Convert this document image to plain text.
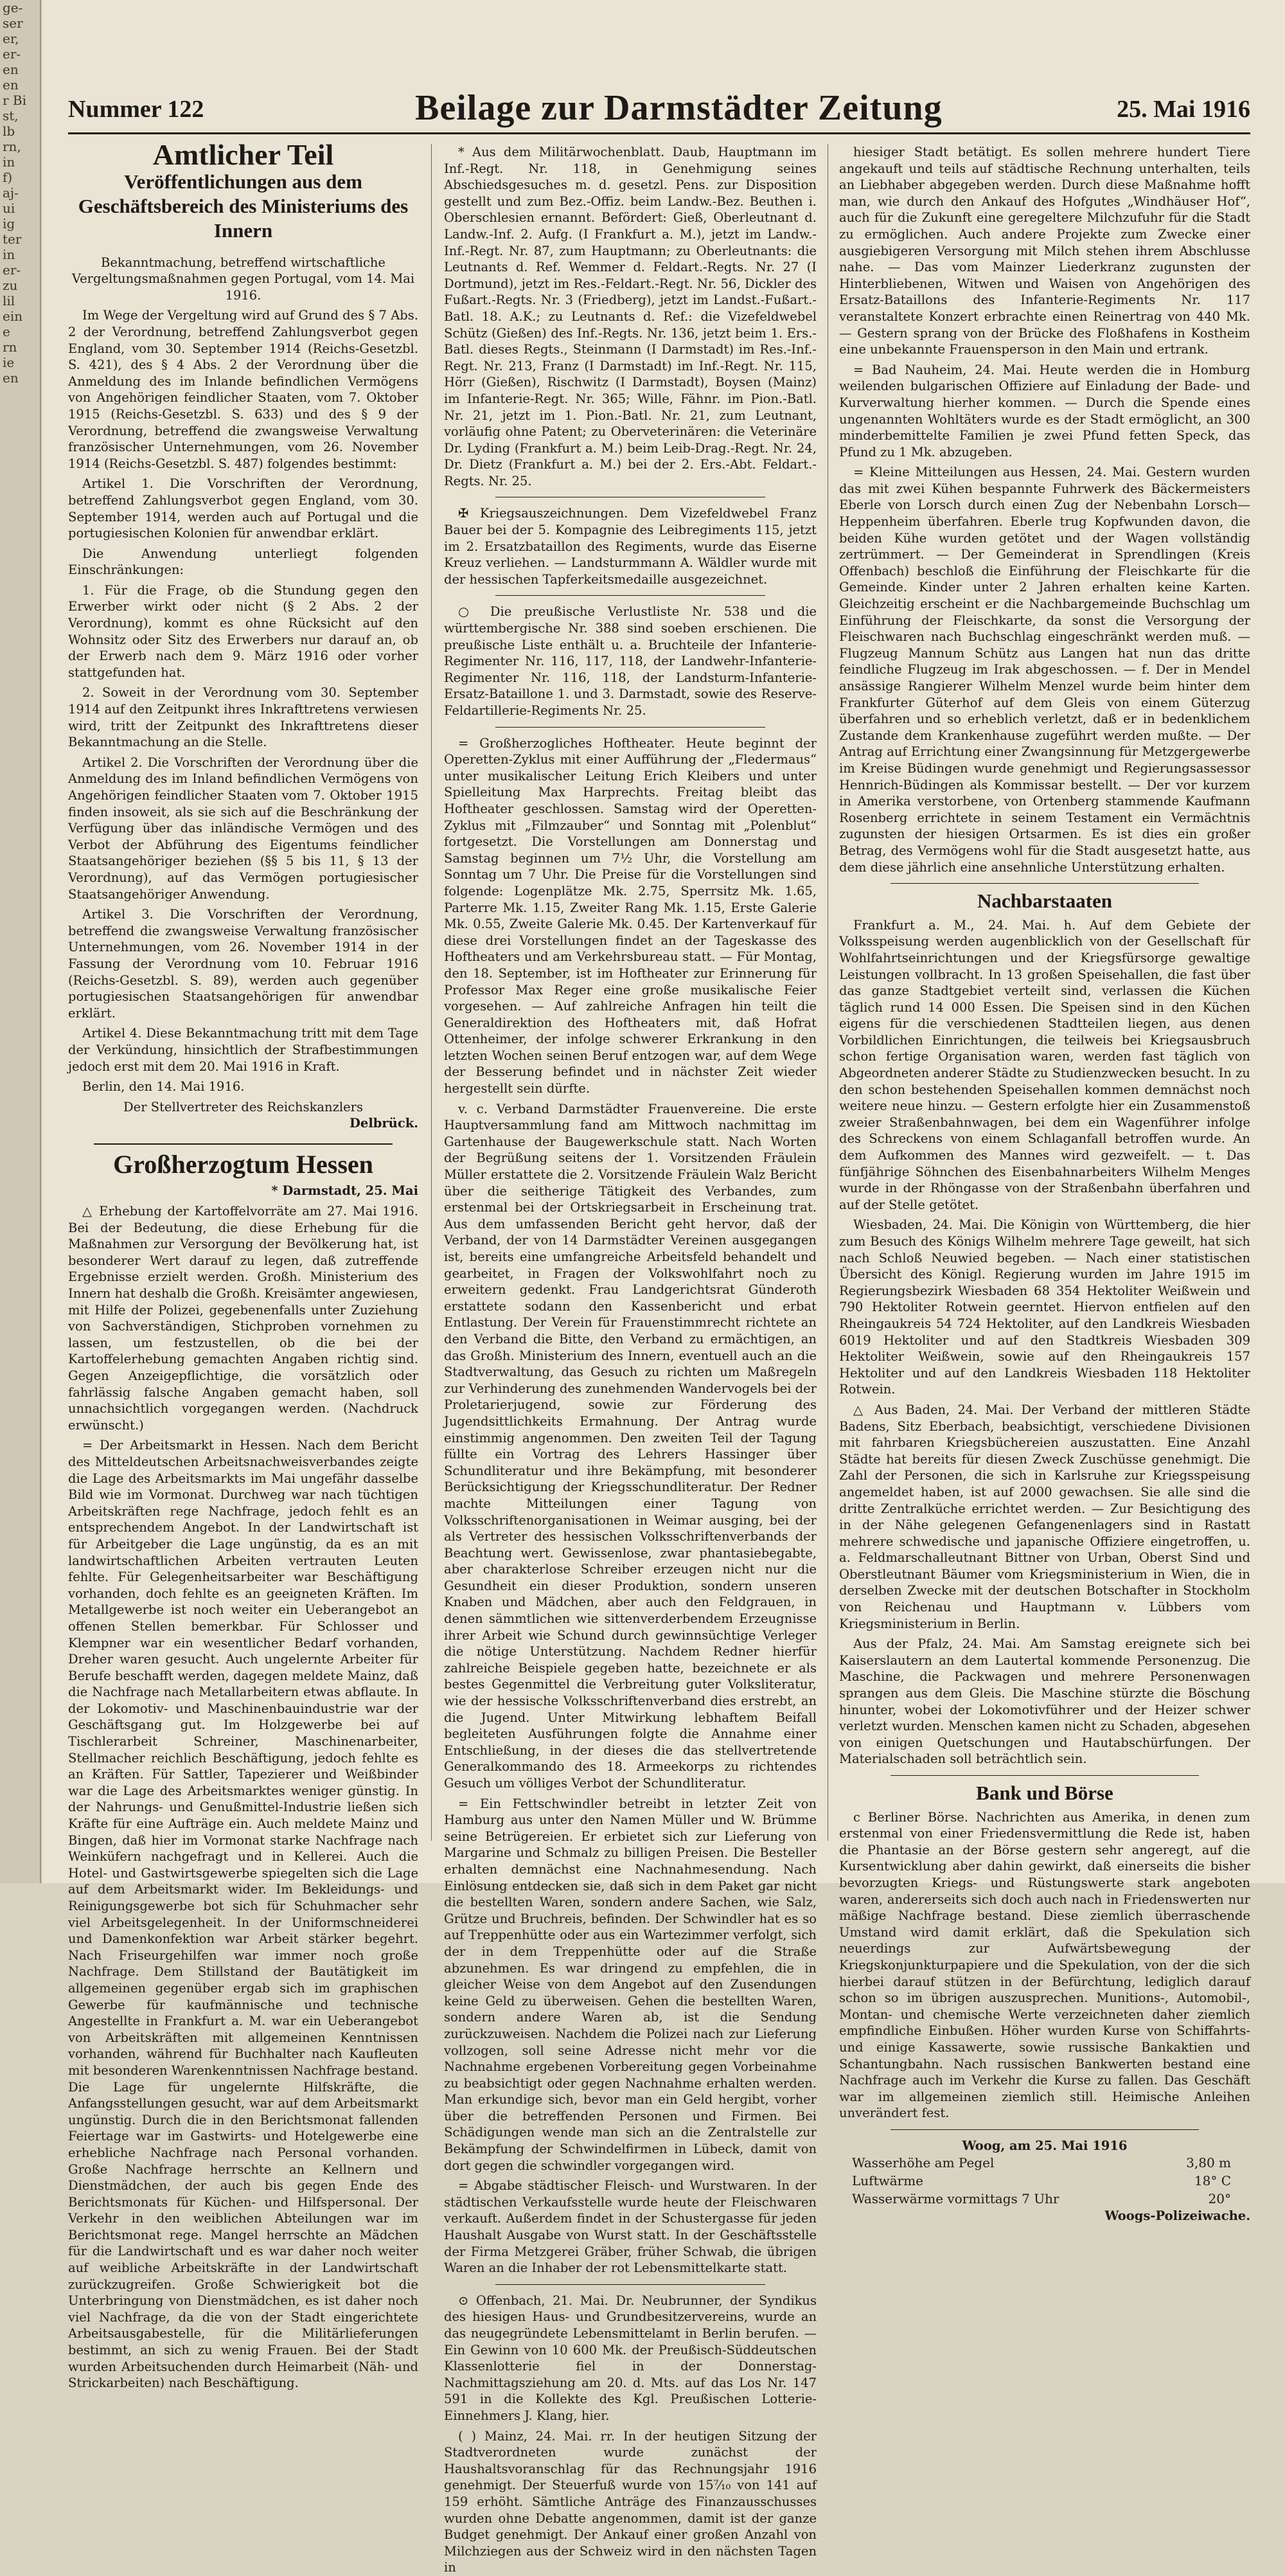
ge-
ser
er,
er-
en
en
r Bi
st,
lb
rn,
in
f)
aj-
ui
ig
ter
in
er-
zu
lil
ein
e
rn
ie
en
Nummer 122	Beilage zur Darmstädter Zeitung	25. Mai 1916
Amtlicher Teil
Veröffentlichungen aus dem Geschäftsbereich des Ministeriums des Innern

Bekanntmachung, betreffend wirtschaftliche Vergeltungsmaßnahmen gegen Portugal, vom 14. Mai 1916.

Im Wege der Vergeltung wird auf Grund des § 7 Abs. 2 der Verordnung, betreffend Zahlungsverbot gegen England, vom 30. September 1914 (Reichs-Gesetzbl. S. 421), des § 4 Abs. 2 der Verordnung über die Anmeldung des im Inlande befindlichen Vermögens von Angehörigen feindlicher Staaten, vom 7. Oktober 1915 (Reichs-Gesetzbl. S. 633) und des § 9 der Verordnung, betreffend die zwangsweise Verwaltung französischer Unternehmungen, vom 26. November 1914 (Reichs-Gesetzbl. S. 487) folgendes bestimmt:

Artikel 1. Die Vorschriften der Verordnung, betreffend Zahlungsverbot gegen England, vom 30. September 1914, werden auch auf Portugal und die portugiesischen Kolonien für anwendbar erklärt.

Die Anwendung unterliegt folgenden Einschränkungen:

1. Für die Frage, ob die Stundung gegen den Erwerber wirkt oder nicht (§ 2 Abs. 2 der Verordnung), kommt es ohne Rücksicht auf den Wohnsitz oder Sitz des Erwerbers nur darauf an, ob der Erwerb nach dem 9. März 1916 oder vorher stattgefunden hat.

2. Soweit in der Verordnung vom 30. September 1914 auf den Zeitpunkt ihres Inkrafttretens verwiesen wird, tritt der Zeitpunkt des Inkrafttretens dieser Bekanntmachung an die Stelle.

Artikel 2. Die Vorschriften der Verordnung über die Anmeldung des im Inland befindlichen Vermögens von Angehörigen feindlicher Staaten vom 7. Oktober 1915 finden insoweit, als sie sich auf die Beschränkung der Verfügung über das inländische Vermögen und des Verbot der Abführung des Eigentums feindlicher Staatsangehöriger beziehen (§§ 5 bis 11, § 13 der Verordnung), auf das Vermögen portugiesischer Staatsangehöriger Anwendung.

Artikel 3. Die Vorschriften der Verordnung, betreffend die zwangsweise Verwaltung französischer Unternehmungen, vom 26. November 1914 in der Fassung der Verordnung vom 10. Februar 1916 (Reichs-Gesetzbl. S. 89), werden auch gegenüber portugiesischen Staatsangehörigen für anwendbar erklärt.

Artikel 4. Diese Bekanntmachung tritt mit dem Tage der Verkündung, hinsichtlich der Strafbestimmungen jedoch erst mit dem 20. Mai 1916 in Kraft.

Berlin, den 14. Mai 1916.

Der Stellvertreter des Reichskanzlers
Delbrück.
Großherzogtum Hessen
* Darmstadt, 25. Mai

△ Erhebung der Kartoffelvorräte am 27. Mai 1916. Bei der Bedeutung, die diese Erhebung für die Maßnahmen zur Versorgung der Bevölkerung hat, ist besonderer Wert darauf zu legen, daß zutreffende Ergebnisse erzielt werden. Großh. Ministerium des Innern hat deshalb die Großh. Kreisämter angewiesen, mit Hilfe der Polizei, gegebenenfalls unter Zuziehung von Sachverständigen, Stichproben vornehmen zu lassen, um festzustellen, ob die bei der Kartoffelerhebung gemachten Angaben richtig sind. Gegen Anzeigepflichtige, die vorsätzlich oder fahrlässig falsche Angaben gemacht haben, soll unnachsichtlich vorgegangen werden. (Nachdruck erwünscht.)

= Der Arbeitsmarkt in Hessen. Nach dem Bericht des Mitteldeutschen Arbeitsnachweisverbandes zeigte die Lage des Arbeitsmarkts im Mai ungefähr dasselbe Bild wie im Vormonat. Durchweg war nach tüchtigen Arbeitskräften rege Nachfrage, jedoch fehlt es an entsprechendem Angebot. In der Landwirtschaft ist für Arbeitgeber die Lage ungünstig, da es an mit landwirtschaftlichen Arbeiten vertrauten Leuten fehlte. Für Gelegenheitsarbeiter war Beschäftigung vorhanden, doch fehlte es an geeigneten Kräften. Im Metallgewerbe ist noch weiter ein Ueberangebot an offenen Stellen bemerkbar. Für Schlosser und Klempner war ein wesentlicher Bedarf vorhanden, Dreher waren gesucht. Auch ungelernte Arbeiter für Berufe beschafft werden, dagegen meldete Mainz, daß die Nachfrage nach Metallarbeitern etwas abflaute. In der Lokomotiv- und Maschinenbauindustrie war der Geschäftsgang gut. Im Holzgewerbe bei auf Tischlerarbeit Schreiner, Maschinenarbeiter, Stellmacher reichlich Beschäftigung, jedoch fehlte es an Kräften. Für Sattler, Tapezierer und Weißbinder war die Lage des Arbeitsmarktes weniger günstig. In der Nahrungs- und Genußmittel-Industrie ließen sich Kräfte für eine Aufträge ein. Auch meldete Mainz und Bingen, daß hier im Vormonat starke Nachfrage nach Weinküfern nachgefragt und in Kellerei. Auch die Hotel- und Gastwirtsgewerbe spiegelten sich die Lage auf dem Arbeitsmarkt wider. Im Bekleidungs- und Reinigungsgewerbe bot sich für Schuhmacher sehr viel Arbeitsgelegenheit. In der Uniformschneiderei und Damenkonfektion war Arbeit stärker begehrt. Nach Friseurgehilfen war immer noch große Nachfrage. Dem Stillstand der Bautätigkeit im allgemeinen gegenüber ergab sich im graphischen Gewerbe für kaufmännische und technische Angestellte in Frankfurt a. M. war ein Ueberangebot von Arbeitskräften mit allgemeinen Kenntnissen vorhanden, während für Buchhalter nach Kaufleuten mit besonderen Warenkenntnissen Nachfrage bestand. Die Lage für ungelernte Hilfskräfte, die Anfangsstellungen gesucht, war auf dem Arbeitsmarkt ungünstig. Durch die in den Berichtsmonat fallenden Feiertage war im Gastwirts- und Hotelgewerbe eine erhebliche Nachfrage nach Personal vorhanden. Große Nachfrage herrschte an Kellnern und Dienstmädchen, der auch bis gegen Ende des Berichtsmonats für Küchen- und Hilfspersonal. Der Verkehr in den weiblichen Abteilungen war im Berichtsmonat rege. Mangel herrschte an Mädchen für die Landwirtschaft und es war daher noch weiter auf weibliche Arbeitskräfte in der Landwirtschaft zurückzugreifen. Große Schwierigkeit bot die Unterbringung von Dienstmädchen, es ist daher noch viel Nachfrage, da die von der Stadt eingerichtete Arbeitsausgabestelle, für die Militärlieferungen bestimmt, an sich zu wenig Frauen. Bei der Stadt wurden Arbeitsuchenden durch Heimarbeit (Näh- und Strickarbeiten) nach Beschäftigung.

* Aus dem Militärwochenblatt. Daub, Hauptmann im Inf.-Regt. Nr. 118, in Genehmigung seines Abschiedsgesuches m. d. gesetzl. Pens. zur Disposition gestellt und zum Bez.-Offiz. beim Landw.-Bez. Beuthen i. Oberschlesien ernannt. Befördert: Gieß, Oberleutnant d. Landw.-Inf. 2. Aufg. (I Frankfurt a. M.), jetzt im Landw.-Inf.-Regt. Nr. 87, zum Hauptmann; zu Oberleutnants: die Leutnants d. Ref. Wemmer d. Feldart.-Regts. Nr. 27 (I Dortmund), jetzt im Res.-Feldart.-Regt. Nr. 56, Dickler des Fußart.-Regts. Nr. 3 (Friedberg), jetzt im Landst.-Fußart.-Batl. 18. A.K.; zu Leutnants d. Ref.: die Vizefeldwebel Schütz (Gießen) des Inf.-Regts. Nr. 136, jetzt beim 1. Ers.-Batl. dieses Regts., Steinmann (I Darmstadt) im Res.-Inf.-Regt. Nr. 213, Franz (I Darmstadt) im Inf.-Regt. Nr. 115, Hörr (Gießen), Rischwitz (I Darmstadt), Boysen (Mainz) im Infanterie-Regt. Nr. 365; Wille, Fähnr. im Pion.-Batl. Nr. 21, jetzt im 1. Pion.-Batl. Nr. 21, zum Leutnant, vorläufig ohne Patent; zu Oberveterinären: die Veterinäre Dr. Lyding (Frankfurt a. M.) beim Leib-Drag.-Regt. Nr. 24, Dr. Dietz (Frankfurt a. M.) bei der 2. Ers.-Abt. Feldart.-Regts. Nr. 25.

✠ Kriegsauszeichnungen. Dem Vizefeldwebel Franz Bauer bei der 5. Kompagnie des Leibregiments 115, jetzt im 2. Ersatzbataillon des Regiments, wurde das Eiserne Kreuz verliehen. — Landsturmmann A. Wäldler wurde mit der hessischen Tapferkeitsmedaille ausgezeichnet.

○ Die preußische Verlustliste Nr. 538 und die württembergische Nr. 388 sind soeben erschienen. Die preußische Liste enthält u. a. Bruchteile der Infanterie-Regimenter Nr. 116, 117, 118, der Landwehr-Infanterie-Regimenter Nr. 116, 118, der Landsturm-Infanterie-Ersatz-Bataillone 1. und 3. Darmstadt, sowie des Reserve-Feldartillerie-Regiments Nr. 25.

= Großherzogliches Hoftheater. Heute beginnt der Operetten-Zyklus mit einer Aufführung der „Fledermaus“ unter musikalischer Leitung Erich Kleibers und unter Spielleitung Max Harprechts. Freitag bleibt das Hoftheater geschlossen. Samstag wird der Operetten-Zyklus mit „Filmzauber“ und Sonntag mit „Polenblut“ fortgesetzt. Die Vorstellungen am Donnerstag und Samstag beginnen um 7½ Uhr, die Vorstellung am Sonntag um 7 Uhr. Die Preise für die Vorstellungen sind folgende: Logenplätze Mk. 2.75, Sperrsitz Mk. 1.65, Parterre Mk. 1.15, Zweiter Rang Mk. 1.15, Erste Galerie Mk. 0.55, Zweite Galerie Mk. 0.45. Der Kartenverkauf für diese drei Vorstellungen findet an der Tageskasse des Hoftheaters und am Verkehrsbureau statt. — Für Montag, den 18. September, ist im Hoftheater zur Erinnerung für Professor Max Reger eine große musikalische Feier vorgesehen. — Auf zahlreiche Anfragen hin teilt die Generaldirektion des Hoftheaters mit, daß Hofrat Ottenheimer, der infolge schwerer Erkrankung in den letzten Wochen seinen Beruf entzogen war, auf dem Wege der Besserung befindet und in nächster Zeit wieder hergestellt sein dürfte.

v. c. Verband Darmstädter Frauenvereine. Die erste Hauptversammlung fand am Mittwoch nachmittag im Gartenhause der Baugewerkschule statt. Nach Worten der Begrüßung seitens der 1. Vorsitzenden Fräulein Müller erstattete die 2. Vorsitzende Fräulein Walz Bericht über die seitherige Tätigkeit des Verbandes, zum erstenmal bei der Ortskriegsarbeit in Erscheinung trat. Aus dem umfassenden Bericht geht hervor, daß der Verband, der von 14 Darmstädter Vereinen ausgegangen ist, bereits eine umfangreiche Arbeitsfeld behandelt und gearbeitet, in Fragen der Volkswohlfahrt noch zu erweitern gedenkt. Frau Landgerichtsrat Günderoth erstattete sodann den Kassenbericht und erbat Entlastung. Der Verein für Frauenstimmrecht richtete an den Verband die Bitte, den Verband zu ermächtigen, an das Großh. Ministerium des Innern, eventuell auch an die Stadtverwaltung, das Gesuch zu richten um Maßregeln zur Verhinderung des zunehmenden Wandervogels bei der Proletarierjugend, sowie zur Förderung des Jugendsittlichkeits Ermahnung. Der Antrag wurde einstimmig angenommen. Den zweiten Teil der Tagung füllte ein Vortrag des Lehrers Hassinger über Schundliteratur und ihre Bekämpfung, mit besonderer Berücksichtigung der Kriegsschundliteratur. Der Redner machte Mitteilungen einer Tagung von Volksschriftenorganisationen in Weimar ausging, bei der als Vertreter des hessischen Volksschriftenverbands der Beachtung wert. Gewissenlose, zwar phantasiebegabte, aber charakterlose Schreiber erzeugen nicht nur die Gesundheit ein dieser Produktion, sondern unseren Knaben und Mädchen, aber auch den Feldgrauen, in denen sämmtlichen wie sittenverderbendem Erzeugnisse ihrer Arbeit wie Schund durch gewinnsüchtige Verleger die nötige Unterstützung. Nachdem Redner hierfür zahlreiche Beispiele gegeben hatte, bezeichnete er als bestes Gegenmittel die Verbreitung guter Volksliteratur, wie der hessische Volksschriftenverband dies erstrebt, an die Jugend. Unter Mitwirkung lebhaftem Beifall begleiteten Ausführungen folgte die Annahme einer Entschließung, in der dieses die das stellvertretende Generalkommando des 18. Armeekorps zu richtendes Gesuch um völliges Verbot der Schundliteratur.

= Ein Fettschwindler betreibt in letzter Zeit von Hamburg aus unter den Namen Müller und W. Brümme seine Betrügereien. Er erbietet sich zur Lieferung von Margarine und Schmalz zu billigen Preisen. Die Besteller erhalten demnächst eine Nachnahmesendung. Nach Einlösung entdecken sie, daß sich in dem Paket gar nicht die bestellten Waren, sondern andere Sachen, wie Salz, Grütze und Bruchreis, befinden. Der Schwindler hat es so auf Treppenhütte oder aus ein Wartezimmer verfolgt, sich der in dem Treppenhütte oder auf die Straße abzunehmen. Es war dringend zu empfehlen, die in gleicher Weise von dem Angebot auf den Zusendungen keine Geld zu überweisen. Gehen die bestellten Waren, sondern andere Waren ab, ist die Sendung zurückzuweisen. Nachdem die Polizei nach zur Lieferung vollzogen, soll seine Adresse nicht mehr vor die Nachnahme ergebenen Vorbereitung gegen Vorbeinahme zu beabsichtigt oder gegen Nachnahme erhalten werden. Man erkundige sich, bevor man ein Geld hergibt, vorher über die betreffenden Personen und Firmen. Bei Schädigungen wende man sich an die Zentralstelle zur Bekämpfung der Schwindelfirmen in Lübeck, damit von dort gegen die schwindler vorgegangen wird.

= Abgabe städtischer Fleisch- und Wurstwaren. In der städtischen Verkaufsstelle wurde heute der Fleischwaren verkauft. Außerdem findet in der Schustergasse für jeden Haushalt Ausgabe von Wurst statt. In der Geschäftsstelle der Firma Metzgerei Gräber, früher Schwab, die übrigen Waren an die Inhaber der rot Lebensmittelkarte statt.

⊙ Offenbach, 21. Mai. Dr. Neubrunner, der Syndikus des hiesigen Haus- und Grundbesitzervereins, wurde an das neugegründete Lebensmittelamt in Berlin berufen. — Ein Gewinn von 10 600 Mk. der Preußisch-Süddeutschen Klassenlotterie fiel in der Donnerstag-Nachmittagsziehung am 20. d. Mts. auf das Los Nr. 147 591 in die Kollekte des Kgl. Preußischen Lotterie-Einnehmers J. Klang, hier.

( ) Mainz, 24. Mai. rr. In der heutigen Sitzung der Stadtverordneten wurde zunächst der Haushaltsvoranschlag für das Rechnungsjahr 1916 genehmigt. Der Steuerfuß wurde von 15⁷⁄₁₀ von 141 auf 159 erhöht. Sämtliche Anträge des Finanzausschusses wurden ohne Debatte angenommen, damit ist der ganze Budget genehmigt. Der Ankauf einer großen Anzahl von Milchziegen aus der Schweiz wird in den nächsten Tagen in

hiesiger Stadt betätigt. Es sollen mehrere hundert Tiere angekauft und teils auf städtische Rechnung unterhalten, teils an Liebhaber abgegeben werden. Durch diese Maßnahme hofft man, wie durch den Ankauf des Hofgutes „Windhäuser Hof“, auch für die Zukunft eine geregeltere Milchzufuhr für die Stadt zu ermöglichen. Auch andere Projekte zum Zwecke einer ausgiebigeren Versorgung mit Milch stehen ihrem Abschlusse nahe. — Das vom Mainzer Liederkranz zugunsten der Hinterbliebenen, Witwen und Waisen von Angehörigen des Ersatz-Bataillons des Infanterie-Regiments Nr. 117 veranstaltete Konzert erbrachte einen Reinertrag von 440 Mk. — Gestern sprang von der Brücke des Floßhafens in Kostheim eine unbekannte Frauensperson in den Main und ertrank.

= Bad Nauheim, 24. Mai. Heute werden die in Homburg weilenden bulgarischen Offiziere auf Einladung der Bade- und Kurverwaltung hierher kommen. — Durch die Spende eines ungenannten Wohltäters wurde es der Stadt ermöglicht, an 300 minderbemittelte Familien je zwei Pfund fetten Speck, das Pfund zu 1 Mk. abzugeben.

= Kleine Mitteilungen aus Hessen, 24. Mai. Gestern wurden das mit zwei Kühen bespannte Fuhrwerk des Bäckermeisters Eberle von Lorsch durch einen Zug der Nebenbahn Lorsch—Heppenheim überfahren. Eberle trug Kopfwunden davon, die beiden Kühe wurden getötet und der Wagen vollständig zertrümmert. — Der Gemeinderat in Sprendlingen (Kreis Offenbach) beschloß die Einführung der Fleischkarte für die Gemeinde. Kinder unter 2 Jahren erhalten keine Karten. Gleichzeitig erscheint er die Nachbargemeinde Buchschlag um Einführung der Fleischkarte, da sonst die Versorgung der Fleischwaren nach Buchschlag eingeschränkt werden muß. — Flugzeug Mannum Schütz aus Langen hat nun das dritte feindliche Flugzeug im Irak abgeschossen. — f. Der in Mendel ansässige Rangierer Wilhelm Menzel wurde beim hinter dem Frankfurter Güterhof auf dem Gleis von einem Güterzug überfahren und so erheblich verletzt, daß er in bedenklichem Zustande dem Krankenhause zugeführt werden mußte. — Der Antrag auf Errichtung einer Zwangsinnung für Metzgergewerbe im Kreise Büdingen wurde genehmigt und Regierungsassessor Hennrich-Büdingen als Kommissar bestellt. — Der vor kurzem in Amerika verstorbene, von Ortenberg stammende Kaufmann Rosenberg errichtete in seinem Testament ein Vermächtnis zugunsten der hiesigen Ortsarmen. Es ist dies ein großer Betrag, des Vermögens wohl für die Stadt ausgesetzt hatte, aus dem diese jährlich eine ansehnliche Unterstützung erhalten.

Nachbarstaaten

Frankfurt a. M., 24. Mai. h. Auf dem Gebiete der Volksspeisung werden augenblicklich von der Gesellschaft für Wohlfahrtseinrichtungen und der Kriegsfürsorge gewaltige Leistungen vollbracht. In 13 großen Speisehallen, die fast über das ganze Stadtgebiet verteilt sind, verlassen die Küchen täglich rund 14 000 Essen. Die Speisen sind in den Küchen eigens für die verschiedenen Stadtteilen liegen, aus denen Vorbildlichen Einrichtungen, die teilweis bei Kriegsausbruch schon fertige Organisation waren, werden fast täglich von Abgeordneten anderer Städte zu Studienzwecken besucht. In zu den schon bestehenden Speisehallen kommen demnächst noch weitere neue hinzu. — Gestern erfolgte hier ein Zusammenstoß zweier Straßenbahnwagen, bei dem ein Wagenführer infolge des Schreckens von einem Schlaganfall betroffen wurde. An dem Aufkommen des Mannes wird gezweifelt. — t. Das fünfjährige Söhnchen des Eisenbahnarbeiters Wilhelm Menges wurde in der Rhöngasse von der Straßenbahn überfahren und auf der Stelle getötet.

Wiesbaden, 24. Mai. Die Königin von Württemberg, die hier zum Besuch des Königs Wilhelm mehrere Tage geweilt, hat sich nach Schloß Neuwied begeben. — Nach einer statistischen Übersicht des Königl. Regierung wurden im Jahre 1915 im Regierungsbezirk Wiesbaden 68 354 Hektoliter Weißwein und 790 Hektoliter Rotwein geerntet. Hiervon entfielen auf den Rheingaukreis 54 724 Hektoliter, auf den Landkreis Wiesbaden 6019 Hektoliter und auf den Stadtkreis Wiesbaden 309 Hektoliter Weißwein, sowie auf den Rheingaukreis 157 Hektoliter und auf den Landkreis Wiesbaden 118 Hektoliter Rotwein.

△ Aus Baden, 24. Mai. Der Verband der mittleren Städte Badens, Sitz Eberbach, beabsichtigt, verschiedene Divisionen mit fahrbaren Kriegsbüchereien auszustatten. Eine Anzahl Städte hat bereits für diesen Zweck Zuschüsse genehmigt. Die Zahl der Personen, die sich in Karlsruhe zur Kriegsspeisung angemeldet haben, ist auf 2000 gewachsen. Sie alle sind die dritte Zentralküche errichtet werden. — Zur Besichtigung des in der Nähe gelegenen Gefangenenlagers sind in Rastatt mehrere schwedische und japanische Offiziere eingetroffen, u. a. Feldmarschalleutnant Bittner von Urban, Oberst Sind und Oberstleutnant Bäumer vom Kriegsministerium in Wien, die in derselben Zwecke mit der deutschen Botschafter in Stockholm von Reichenau und Hauptmann v. Lübbers vom Kriegsministerium in Berlin.

Aus der Pfalz, 24. Mai. Am Samstag ereignete sich bei Kaiserslautern an dem Lautertal kommende Personenzug. Die Maschine, die Packwagen und mehrere Personenwagen sprangen aus dem Gleis. Die Maschine stürzte die Böschung hinunter, wobei der Lokomotivführer und der Heizer schwer verletzt wurden. Menschen kamen nicht zu Schaden, abgesehen von einigen Quetschungen und Hautabschürfungen. Der Materialschaden soll beträchtlich sein.

Bank und Börse

c Berliner Börse. Nachrichten aus Amerika, in denen zum erstenmal von einer Friedensvermittlung die Rede ist, haben die Phantasie an der Börse gestern sehr angeregt, auf die Kursentwicklung aber dahin gewirkt, daß einerseits die bisher bevorzugten Kriegs- und Rüstungswerte stark angeboten waren, andererseits sich doch auch nach in Friedenswerten nur mäßige Nachfrage bestand. Diese ziemlich überraschende Umstand wird damit erklärt, daß die Spekulation sich neuerdings zur Aufwärtsbewegung der Kriegskonjunkturpapiere und die Spekulation, von der die sich hierbei darauf stützen in der Befürchtung, lediglich darauf schon so im übrigen auszusprechen. Munitions-, Automobil-, Montan- und chemische Werte verzeichneten daher ziemlich empfindliche Einbußen. Höher wurden Kurse von Schiffahrts- und einige Kassawerte, sowie russische Bankaktien und Schantungbahn. Nach russischen Bankwerten bestand eine Nachfrage auch im Verkehr die Kurse zu fallen. Das Geschäft war im allgemeinen ziemlich still. Heimische Anleihen unverändert fest.

Woog, am 25. Mai 1916
Wasserhöhe am Pegel	3,80 m
Luftwärme	18° C
Wasserwärme vormittags 7 Uhr	20°
Woogs-Polizeiwache.
